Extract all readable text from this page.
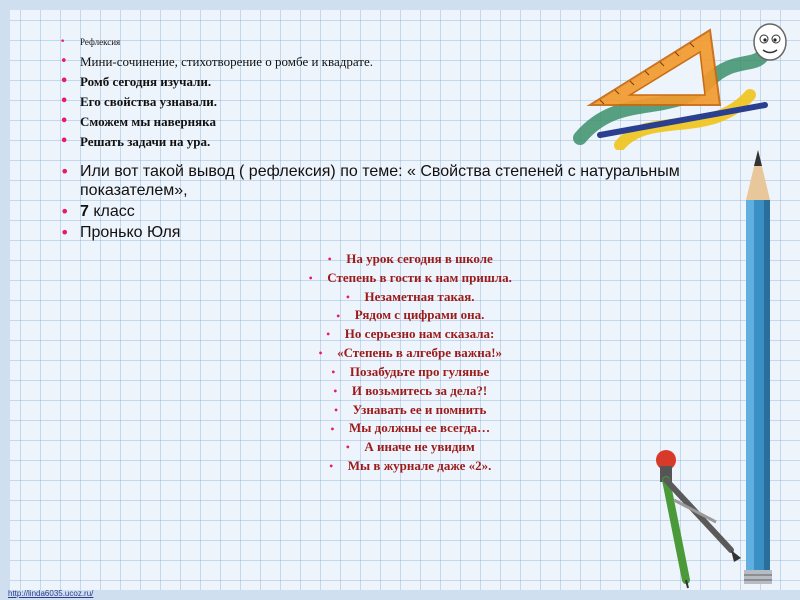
• Рефлексия
• Мини-сочинение, стихотворение о ромбе и квадрате.
• Ромб сегодня изучали.
• Его свойства узнавали.
• Сможем мы наверняка
• Решать задачи на ура.
• Или вот такой вывод ( рефлексия) по теме: « Свойства степеней с натуральным показателем»,
• 7 класс
• Пронько Юля
• На урок сегодня в школе
• Степень в гости к нам пришла.
• Незаметная такая.
• Рядом с цифрами она.
• Но серьезно нам сказала:
• «Степень в алгебре важна!»
• Позабудьте про гулянье
• И возьмитесь за дела?!
• Узнавать ее и помнить
• Мы должны ее всегда…
• А иначе не увидим
• Мы в журнале даже «2».
http://linda6035.ucoz.ru/
